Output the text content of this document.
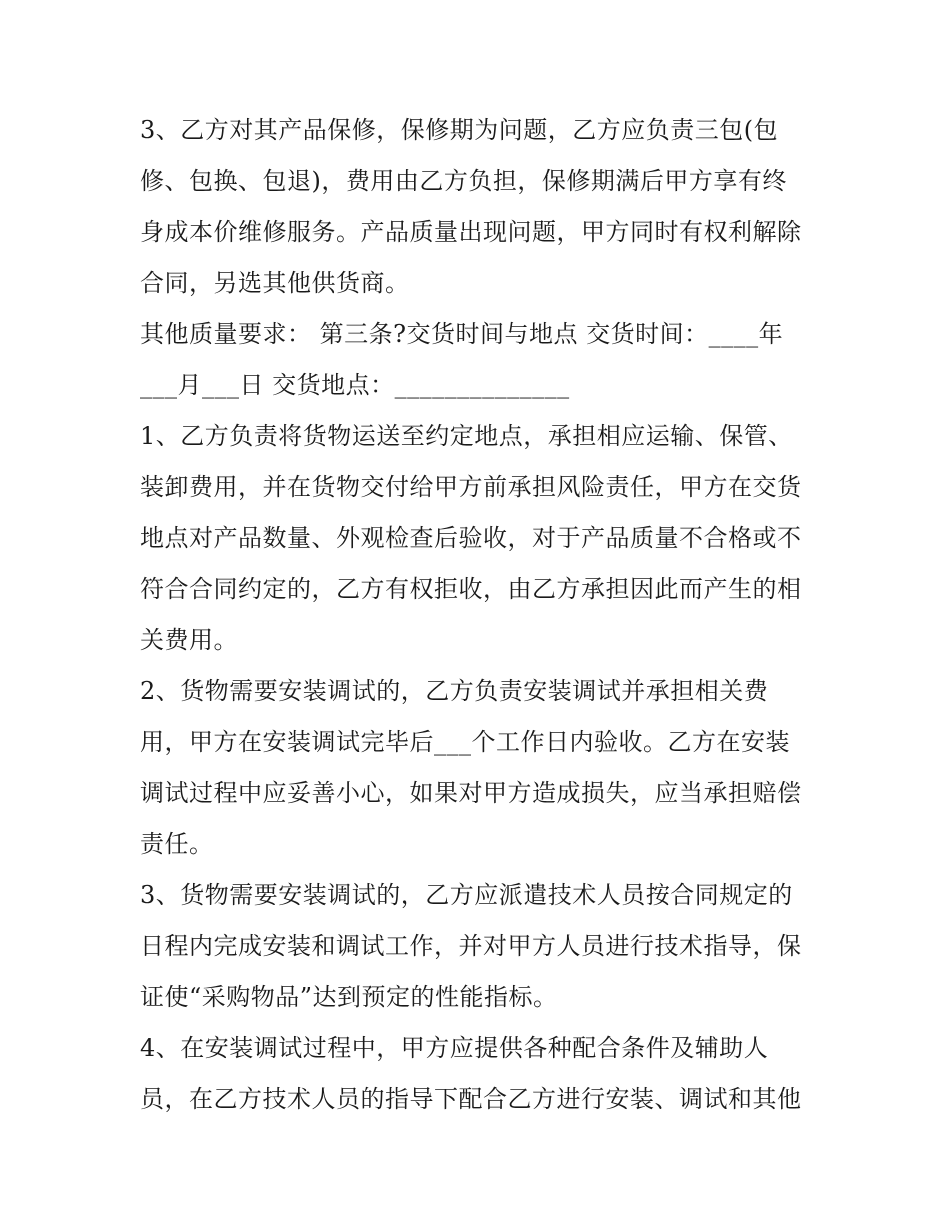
3、乙方对其产品保修，保修期为问题，乙方应负责三包(包
修、包换、包退)，费用由乙方负担，保修期满后甲方享有终
身成本价维修服务。产品质量出现问题，甲方同时有权利解除
合同，另选其他供货商。
其他质量要求： 第三条?交货时间与地点 交货时间：____年
___月___日 交货地点：______________
1、乙方负责将货物运送至约定地点，承担相应运输、保管、
装卸费用，并在货物交付给甲方前承担风险责任，甲方在交货
地点对产品数量、外观检查后验收，对于产品质量不合格或不
符合合同约定的，乙方有权拒收，由乙方承担因此而产生的相
关费用。
2、货物需要安装调试的，乙方负责安装调试并承担相关费
用，甲方在安装调试完毕后___个工作日内验收。乙方在安装
调试过程中应妥善小心，如果对甲方造成损失，应当承担赔偿
责任。
3、货物需要安装调试的，乙方应派遣技术人员按合同规定的
日程内完成安装和调试工作，并对甲方人员进行技术指导，保
证使“采购物品”达到预定的性能指标。
4、在安装调试过程中，甲方应提供各种配合条件及辅助人
员，在乙方技术人员的指导下配合乙方进行安装、调试和其他
